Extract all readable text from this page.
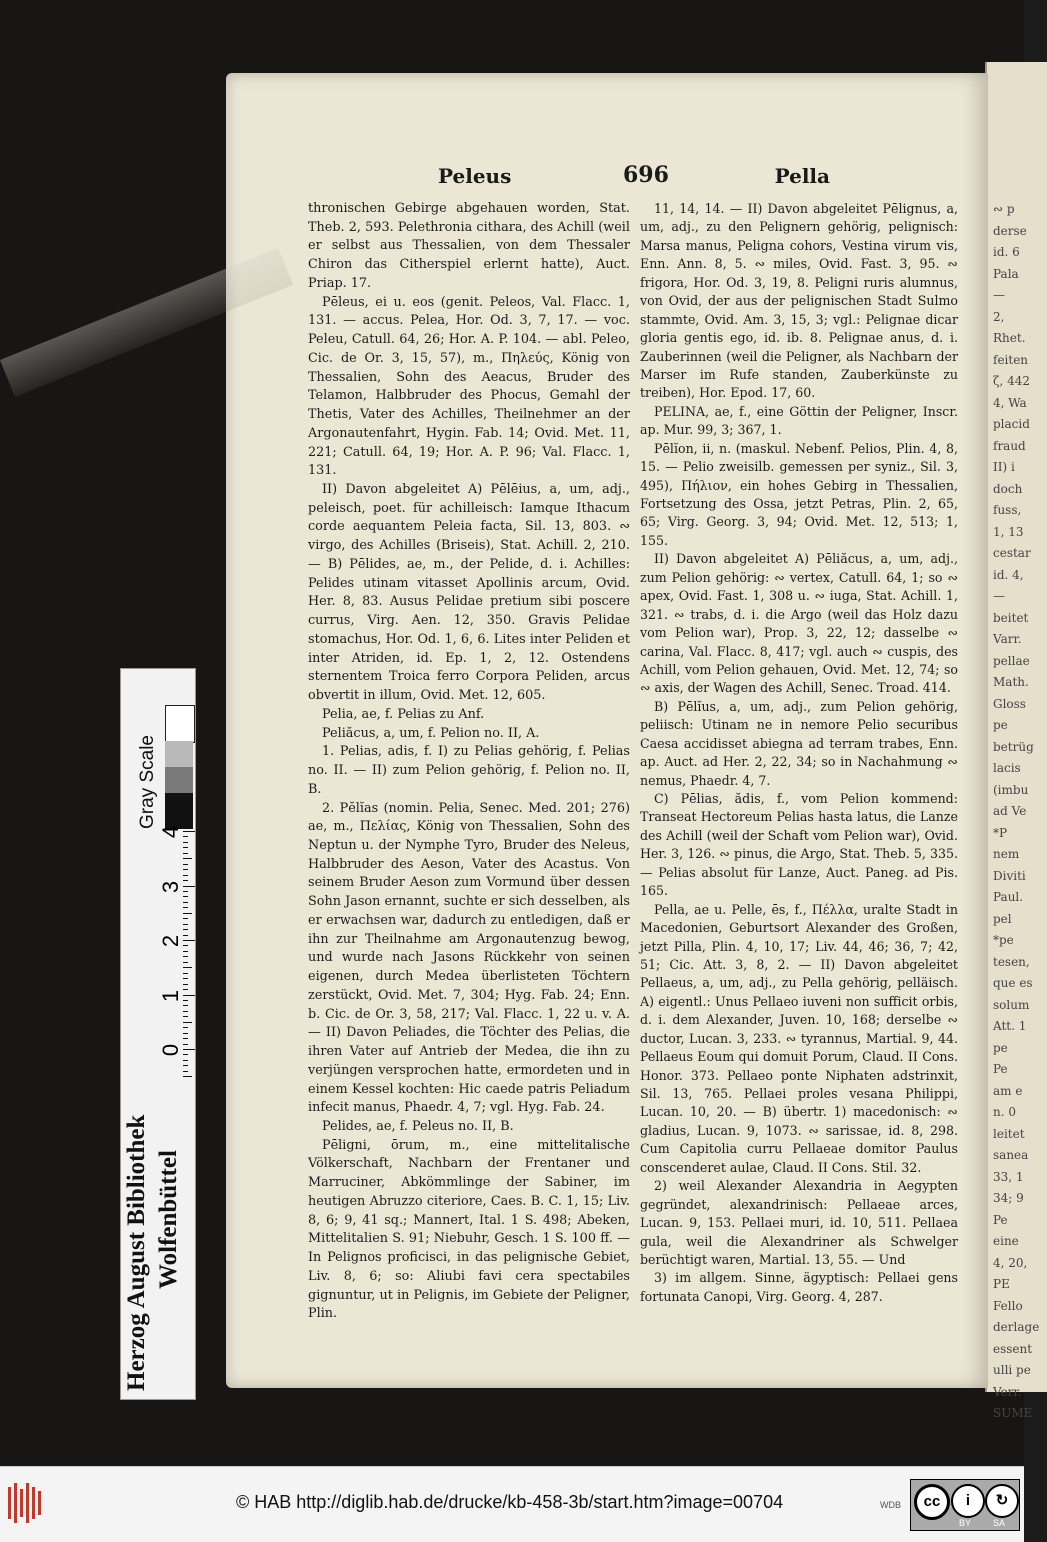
∾ p
derse
id. 6
Pala
—
2,
Rhet.
feiten
ζ, 442
4, Wa
placid
fraud
II) i
doch
fuss,
1, 13
cestar
id. 4,
—
beitet
Varr.
pellae
Math.
Gloss
pe
betrüg
lacis
(imbu
ad Ve
*P
nem
Diviti
Paul.
pel
*pe
tesen,
que es
solum
Att. 1
pe
Pe
am e
n. 0
leitet
sanea
33, 1
34; 9
Pe
eine
4, 20,
PE
Fello
derlage
essent
ulli pe
Verr.
SUME
Peleus	696	Pella

thronischen Gebirge abgehauen worden, Stat. Theb. 2, 593. Pelethronia cithara, des Achill (weil er selbst aus Thessalien, von dem Thessaler Chiron das Citherspiel erlernt hatte), Auct. Priap. 17.

Pēleus, ei u. eos (genit. Peleos, Val. Flacc. 1, 131. — accus. Pelea, Hor. Od. 3, 7, 17. — voc. Peleu, Catull. 64, 26; Hor. A. P. 104. — abl. Peleo, Cic. de Or. 3, 15, 57), m., Πηλεύς, König von Thessalien, Sohn des Aeacus, Bruder des Telamon, Halbbruder des Phocus, Gemahl der Thetis, Vater des Achilles, Theilnehmer an der Argonautenfahrt, Hygin. Fab. 14; Ovid. Met. 11, 221; Catull. 64, 19; Hor. A. P. 96; Val. Flacc. 1, 131.

II) Davon abgeleitet A) Pēlēius, a, um, adj., peleisch, poet. für achilleisch: Iamque Ithacum corde aequantem Peleia facta, Sil. 13, 803. ∾ virgo, des Achilles (Briseis), Stat. Achill. 2, 210. — B) Pēlides, ae, m., der Pelide, d. i. Achilles: Pelides utinam vitasset Apollinis arcum, Ovid. Her. 8, 83. Ausus Pelidae pretium sibi poscere currus, Virg. Aen. 12, 350. Gravis Pelidae stomachus, Hor. Od. 1, 6, 6. Lites inter Peliden et inter Atriden, id. Ep. 1, 2, 12. Ostendens sternentem Troica ferro Corpora Peliden, arcus obvertit in illum, Ovid. Met. 12, 605.

Pelia, ae, f. Pelias zu Anf.

Peliăcus, a, um, f. Pelion no. II, A.

1. Pelias, adis, f. I) zu Pelias gehörig, f. Pelias no. II. — II) zum Pelion gehörig, f. Pelion no. II, B.

2. Pĕlĭas (nomin. Pelia, Senec. Med. 201; 276) ae, m., Πελίας, König von Thessalien, Sohn des Neptun u. der Nymphe Tyro, Bruder des Neleus, Halbbruder des Aeson, Vater des Acastus. Von seinem Bruder Aeson zum Vormund über dessen Sohn Jason ernannt, suchte er sich desselben, als er erwachsen war, dadurch zu entledigen, daß er ihn zur Theilnahme am Argonautenzug bewog, und wurde nach Jasons Rückkehr von seinen eigenen, durch Medea überlisteten Töchtern zerstückt, Ovid. Met. 7, 304; Hyg. Fab. 24; Enn. b. Cic. de Or. 3, 58, 217; Val. Flacc. 1, 22 u. v. A. — II) Davon Peliades, die Töchter des Pelias, die ihren Vater auf Antrieb der Medea, die ihn zu verjüngen versprochen hatte, ermordeten und in einem Kessel kochten: Hic caede patris Peliadum infecit manus, Phaedr. 4, 7; vgl. Hyg. Fab. 24.

Pelides, ae, f. Peleus no. II, B.

Pēligni, ōrum, m., eine mittelitalische Völkerschaft, Nachbarn der Frentaner und Marruciner, Abkömmlinge der Sabiner, im heutigen Abruzzo citeriore, Caes. B. C. 1, 15; Liv. 8, 6; 9, 41 sq.; Mannert, Ital. 1 S. 498; Abeken, Mittelitalien S. 91; Niebuhr, Gesch. 1 S. 100 ff. — In Pelignos proficisci, in das pelignische Gebiet, Liv. 8, 6; so: Aliubi favi cera spectabiles gignuntur, ut in Pelignis, im Gebiete der Peligner, Plin.

11, 14, 14. — II) Davon abgeleitet Pēlignus, a, um, adj., zu den Pelignern gehörig, pelignisch: Marsa manus, Peligna cohors, Vestina virum vis, Enn. Ann. 8, 5. ∾ miles, Ovid. Fast. 3, 95. ∾ frigora, Hor. Od. 3, 19, 8. Peligni ruris alumnus, von Ovid, der aus der pelignischen Stadt Sulmo stammte, Ovid. Am. 3, 15, 3; vgl.: Pelignae dicar gloria gentis ego, id. ib. 8. Pelignae anus, d. i. Zauberinnen (weil die Peligner, als Nachbarn der Marser im Rufe standen, Zauberkünste zu treiben), Hor. Epod. 17, 60.

PELINA, ae, f., eine Göttin der Peligner, Inscr. ap. Mur. 99, 3; 367, 1.

Pēlĭon, ii, n. (maskul. Nebenf. Pelios, Plin. 4, 8, 15. — Pelio zweisilb. gemessen per syniz., Sil. 3, 495), Πήλιον, ein hohes Gebirg in Thessalien, Fortsetzung des Ossa, jetzt Petras, Plin. 2, 65, 65; Virg. Georg. 3, 94; Ovid. Met. 12, 513; 1, 155.

II) Davon abgeleitet A) Pēliăcus, a, um, adj., zum Pelion gehörig: ∾ vertex, Catull. 64, 1; so ∾ apex, Ovid. Fast. 1, 308 u. ∾ iuga, Stat. Achill. 1, 321. ∾ trabs, d. i. die Argo (weil das Holz dazu vom Pelion war), Prop. 3, 22, 12; dasselbe ∾ carina, Val. Flacc. 8, 417; vgl. auch ∾ cuspis, des Achill, vom Pelion gehauen, Ovid. Met. 12, 74; so ∾ axis, der Wagen des Achill, Senec. Troad. 414.

B) Pēlĭus, a, um, adj., zum Pelion gehörig, peliisch: Utinam ne in nemore Pelio securibus Caesa accidisset abiegna ad terram trabes, Enn. ap. Auct. ad Her. 2, 22, 34; so in Nachahmung ∾ nemus, Phaedr. 4, 7.

C) Pēlias, ădis, f., vom Pelion kommend: Transeat Hectoreum Pelias hasta latus, die Lanze des Achill (weil der Schaft vom Pelion war), Ovid. Her. 3, 126. ∾ pinus, die Argo, Stat. Theb. 5, 335. — Pelias absolut für Lanze, Auct. Paneg. ad Pis. 165.

Pella, ae u. Pelle, ēs, f., Πέλλα, uralte Stadt in Macedonien, Geburtsort Alexander des Großen, jetzt Pilla, Plin. 4, 10, 17; Liv. 44, 46; 36, 7; 42, 51; Cic. Att. 3, 8, 2. — II) Davon abgeleitet Pellaeus, a, um, adj., zu Pella gehörig, pelläisch. A) eigentl.: Unus Pellaeo iuveni non sufficit orbis, d. i. dem Alexander, Juven. 10, 168; derselbe ∾ ductor, Lucan. 3, 233. ∾ tyrannus, Martial. 9, 44. Pellaeus Eoum qui domuit Porum, Claud. II Cons. Honor. 373. Pellaeo ponte Niphaten adstrinxit, Sil. 13, 765. Pellaei proles vesana Philippi, Lucan. 10, 20. — B) übertr. 1) macedonisch: ∾ gladius, Lucan. 9, 1073. ∾ sarissae, id. 8, 298. Cum Capitolia curru Pellaeae domitor Paulus conscenderet aulae, Claud. II Cons. Stil. 32.

2) weil Alexander Alexandria in Aegypten gegründet, alexandrinisch: Pellaeae arces, Lucan. 9, 153. Pellaei muri, id. 10, 511. Pellaea gula, weil die Alexandriner als Schwelger berüchtigt waren, Martial. 13, 55. — Und

3) im allgem. Sinne, ägyptisch: Pellaei gens fortunata Canopi, Virg. Georg. 4, 287.

Gray Scale
Herzog August Bibliothek Wolfenbüttel
0
1
2
3
4
© HAB http://diglib.hab.de/drucke/kb-458-3b/start.htm?image=00704	WDB	cc	i	↻
BY SA
